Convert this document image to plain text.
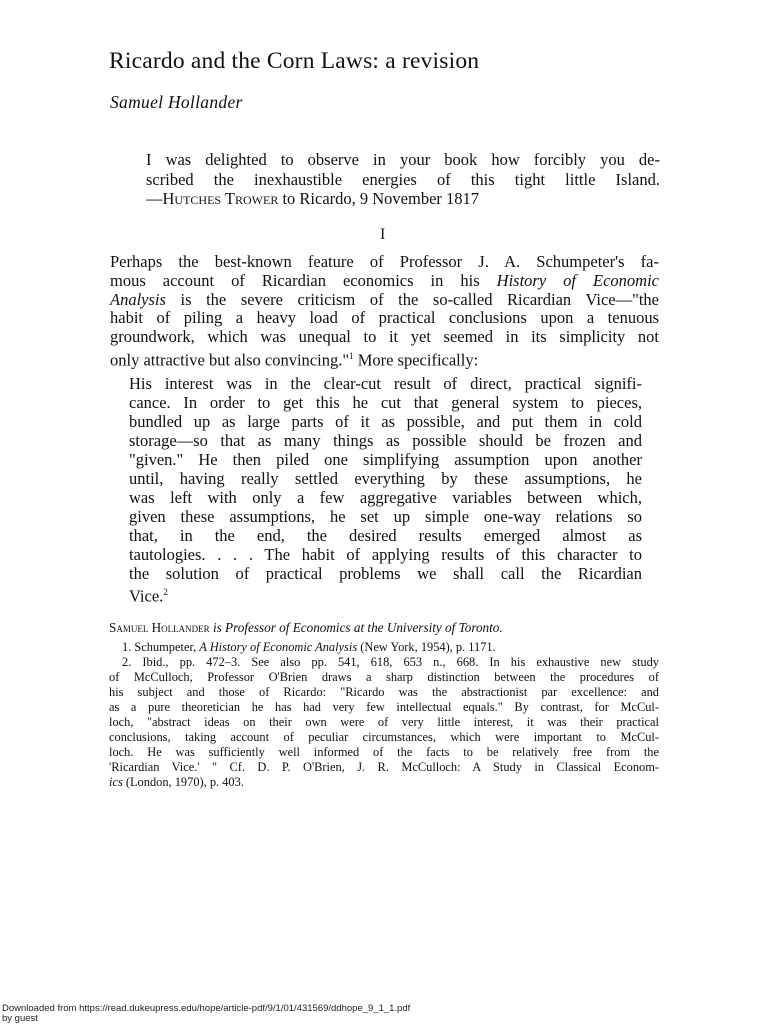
Ricardo and the Corn Laws: a revision
Samuel Hollander
I was delighted to observe in your book how forcibly you de-
scribed the inexhaustible energies of this tight little Island.
—Hutches Trower to Ricardo, 9 November 1817
I
Perhaps the best-known feature of Professor J. A. Schumpeter's fa-
mous account of Ricardian economics in his History of Economic
Analysis is the severe criticism of the so-called Ricardian Vice—"the
habit of piling a heavy load of practical conclusions upon a tenuous
groundwork, which was unequal to it yet seemed in its simplicity not
only attractive but also convincing."$^1$ More specifically:
His interest was in the clear-cut result of direct, practical signifi-
cance. In order to get this he cut that general system to pieces,
bundled up as large parts of it as possible, and put them in cold
storage—so that as many things as possible should be frozen and
"given." He then piled one simplifying assumption upon another
until, having really settled everything by these assumptions, he
was left with only a few aggregative variables between which,
given these assumptions, he set up simple one-way relations so
that, in the end, the desired results emerged almost as
tautologies. . . . The habit of applying results of this character to
the solution of practical problems we shall call the Ricardian
Vice.$^2$
Samuel Hollander is Professor of Economics at the University of Toronto.
1. Schumpeter, A History of Economic Analysis (New York, 1954), p. 1171.
2. Ibid., pp. 472–3. See also pp. 541, 618, 653 n., 668. In his exhaustive new study
of McCulloch, Professor O'Brien draws a sharp distinction between the procedures of
his subject and those of Ricardo: "Ricardo was the abstractionist par excellence: and
as a pure theoretician he has had very few intellectual equals." By contrast, for McCul-
loch, "abstract ideas on their own were of very little interest, it was their practical
conclusions, taking account of peculiar circumstances, which were important to McCul-
loch. He was sufficiently well informed of the facts to be relatively free from the
'Ricardian Vice.' " Cf. D. P. O'Brien, J. R. McCulloch: A Study in Classical Econom-
ics (London, 1970), p. 403.
Downloaded from https://read.dukeupress.edu/hope/article-pdf/9/1/01/431569/ddhope_9_1_1.pdf
by guest
